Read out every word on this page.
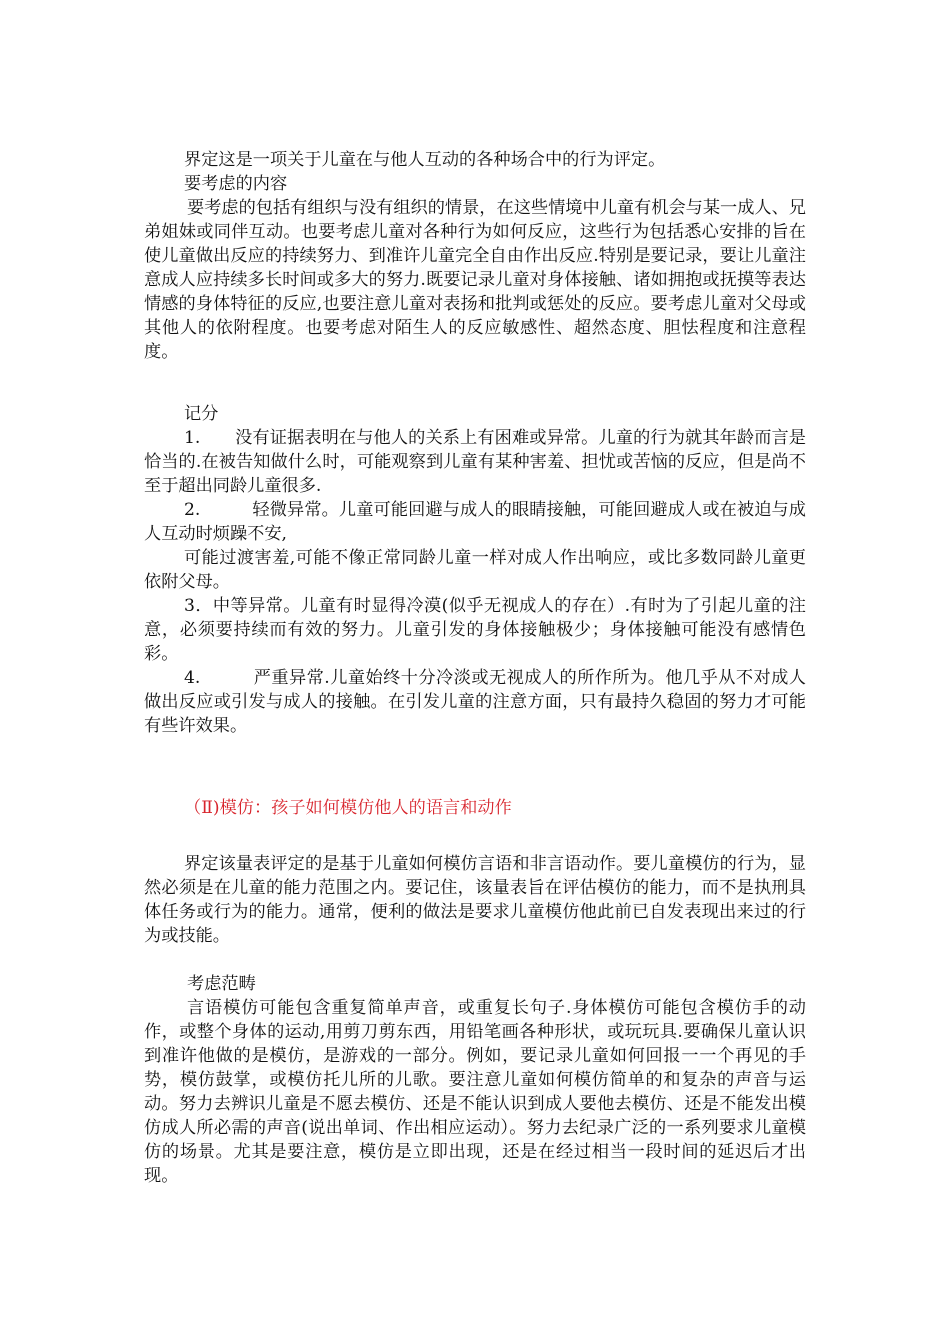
界定这是一项关于儿童在与他人互动的各种场合中的行为评定。

要考虑的内容

要考虑的包括有组织与没有组织的情景，在这些情境中儿童有机会与某一成人、兄弟姐妹或同伴互动。也要考虑儿童对各种行为如何反应，这些行为包括悉心安排的旨在使儿童做出反应的持续努力、到准许儿童完全自由作出反应.特别是要记录，要让儿童注意成人应持续多长时间或多大的努力.既要记录儿童对身体接触、诸如拥抱或抚摸等表达情感的身体特征的反应,也要注意儿童对表扬和批判或惩处的反应。要考虑儿童对父母或其他人的依附程度。也要考虑对陌生人的反应敏感性、超然态度、胆怯程度和注意程度。

记分

1.　　没有证据表明在与他人的关系上有困难或异常。儿童的行为就其年龄而言是恰当的.在被告知做什么时，可能观察到儿童有某种害羞、担忧或苦恼的反应，但是尚不至于超出同龄儿童很多.

2.　　　轻微异常。儿童可能回避与成人的眼睛接触，可能回避成人或在被迫与成人互动时烦躁不安,

可能过渡害羞,可能不像正常同龄儿童一样对成人作出响应，或比多数同龄儿童更依附父母。

3．中等异常。儿童有时显得冷漠(似乎无视成人的存在）.有时为了引起儿童的注意，必须要持续而有效的努力。儿童引发的身体接触极少；身体接触可能没有感情色彩。

4.　　　严重异常.儿童始终十分冷淡或无视成人的所作所为。他几乎从不对成人做出反应或引发与成人的接触。在引发儿童的注意方面，只有最持久稳固的努力才可能有些许效果。

（Ⅱ)模仿：孩子如何模仿他人的语言和动作

界定该量表评定的是基于儿童如何模仿言语和非言语动作。要儿童模仿的行为，显然必须是在儿童的能力范围之内。要记住，该量表旨在评估模仿的能力，而不是执刑具体任务或行为的能力。通常，便利的做法是要求儿童模仿他此前已自发表现出来过的行为或技能。

考虑范畴

言语模仿可能包含重复简单声音，或重复长句子.身体模仿可能包含模仿手的动作，或整个身体的运动,用剪刀剪东西，用铅笔画各种形状，或玩玩具.要确保儿童认识到准许他做的是模仿，是游戏的一部分。例如，要记录儿童如何回报一一个再见的手势，模仿鼓掌，或模仿托儿所的儿歌。要注意儿童如何模仿简单的和复杂的声音与运动。努力去辨识儿童是不愿去模仿、还是不能认识到成人要他去模仿、还是不能发出模仿成人所必需的声音(说出单词、作出相应运动）。努力去纪录广泛的一系列要求儿童模仿的场景。尤其是要注意，模仿是立即出现，还是在经过相当一段时间的延迟后才出现。
